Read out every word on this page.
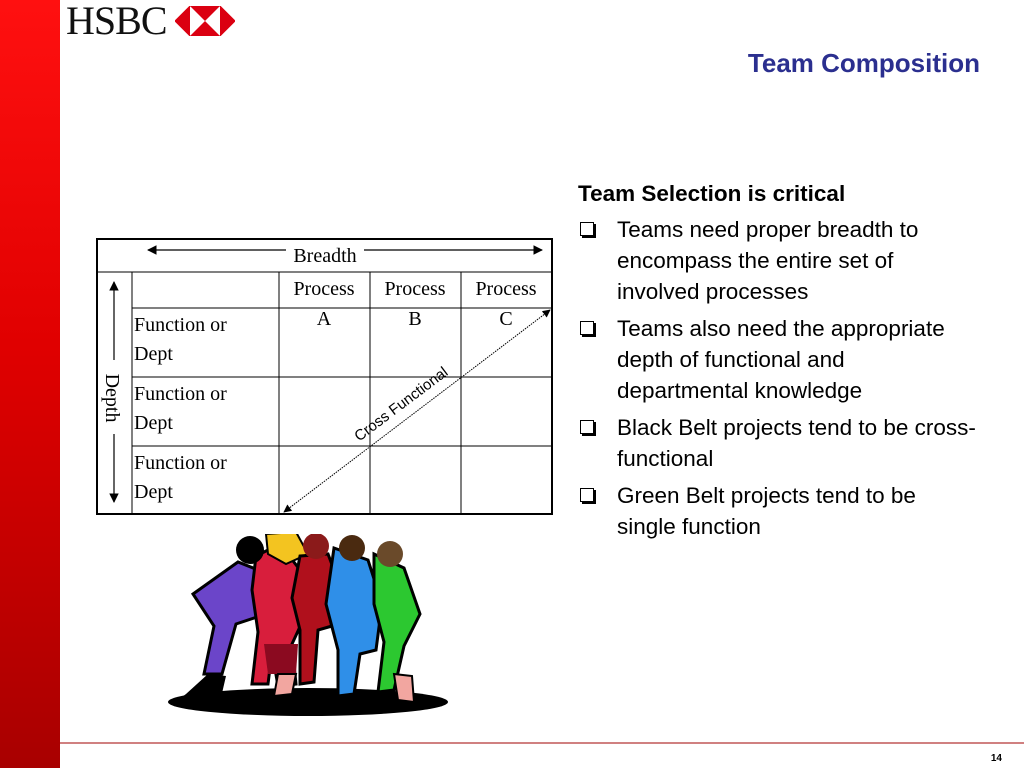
HSBC
Team Composition
Team Selection is critical
Teams need proper breadth to encompass the entire set of involved processes
Teams also need the appropriate depth of functional and departmental knowledge
Black Belt projects tend to be cross-functional
Green Belt projects tend to be single function
Breadth
Depth
Process
A
Process
B
Process
C
Function or
Dept
Function or
Dept
Function or
Dept
Cross Functional
14
